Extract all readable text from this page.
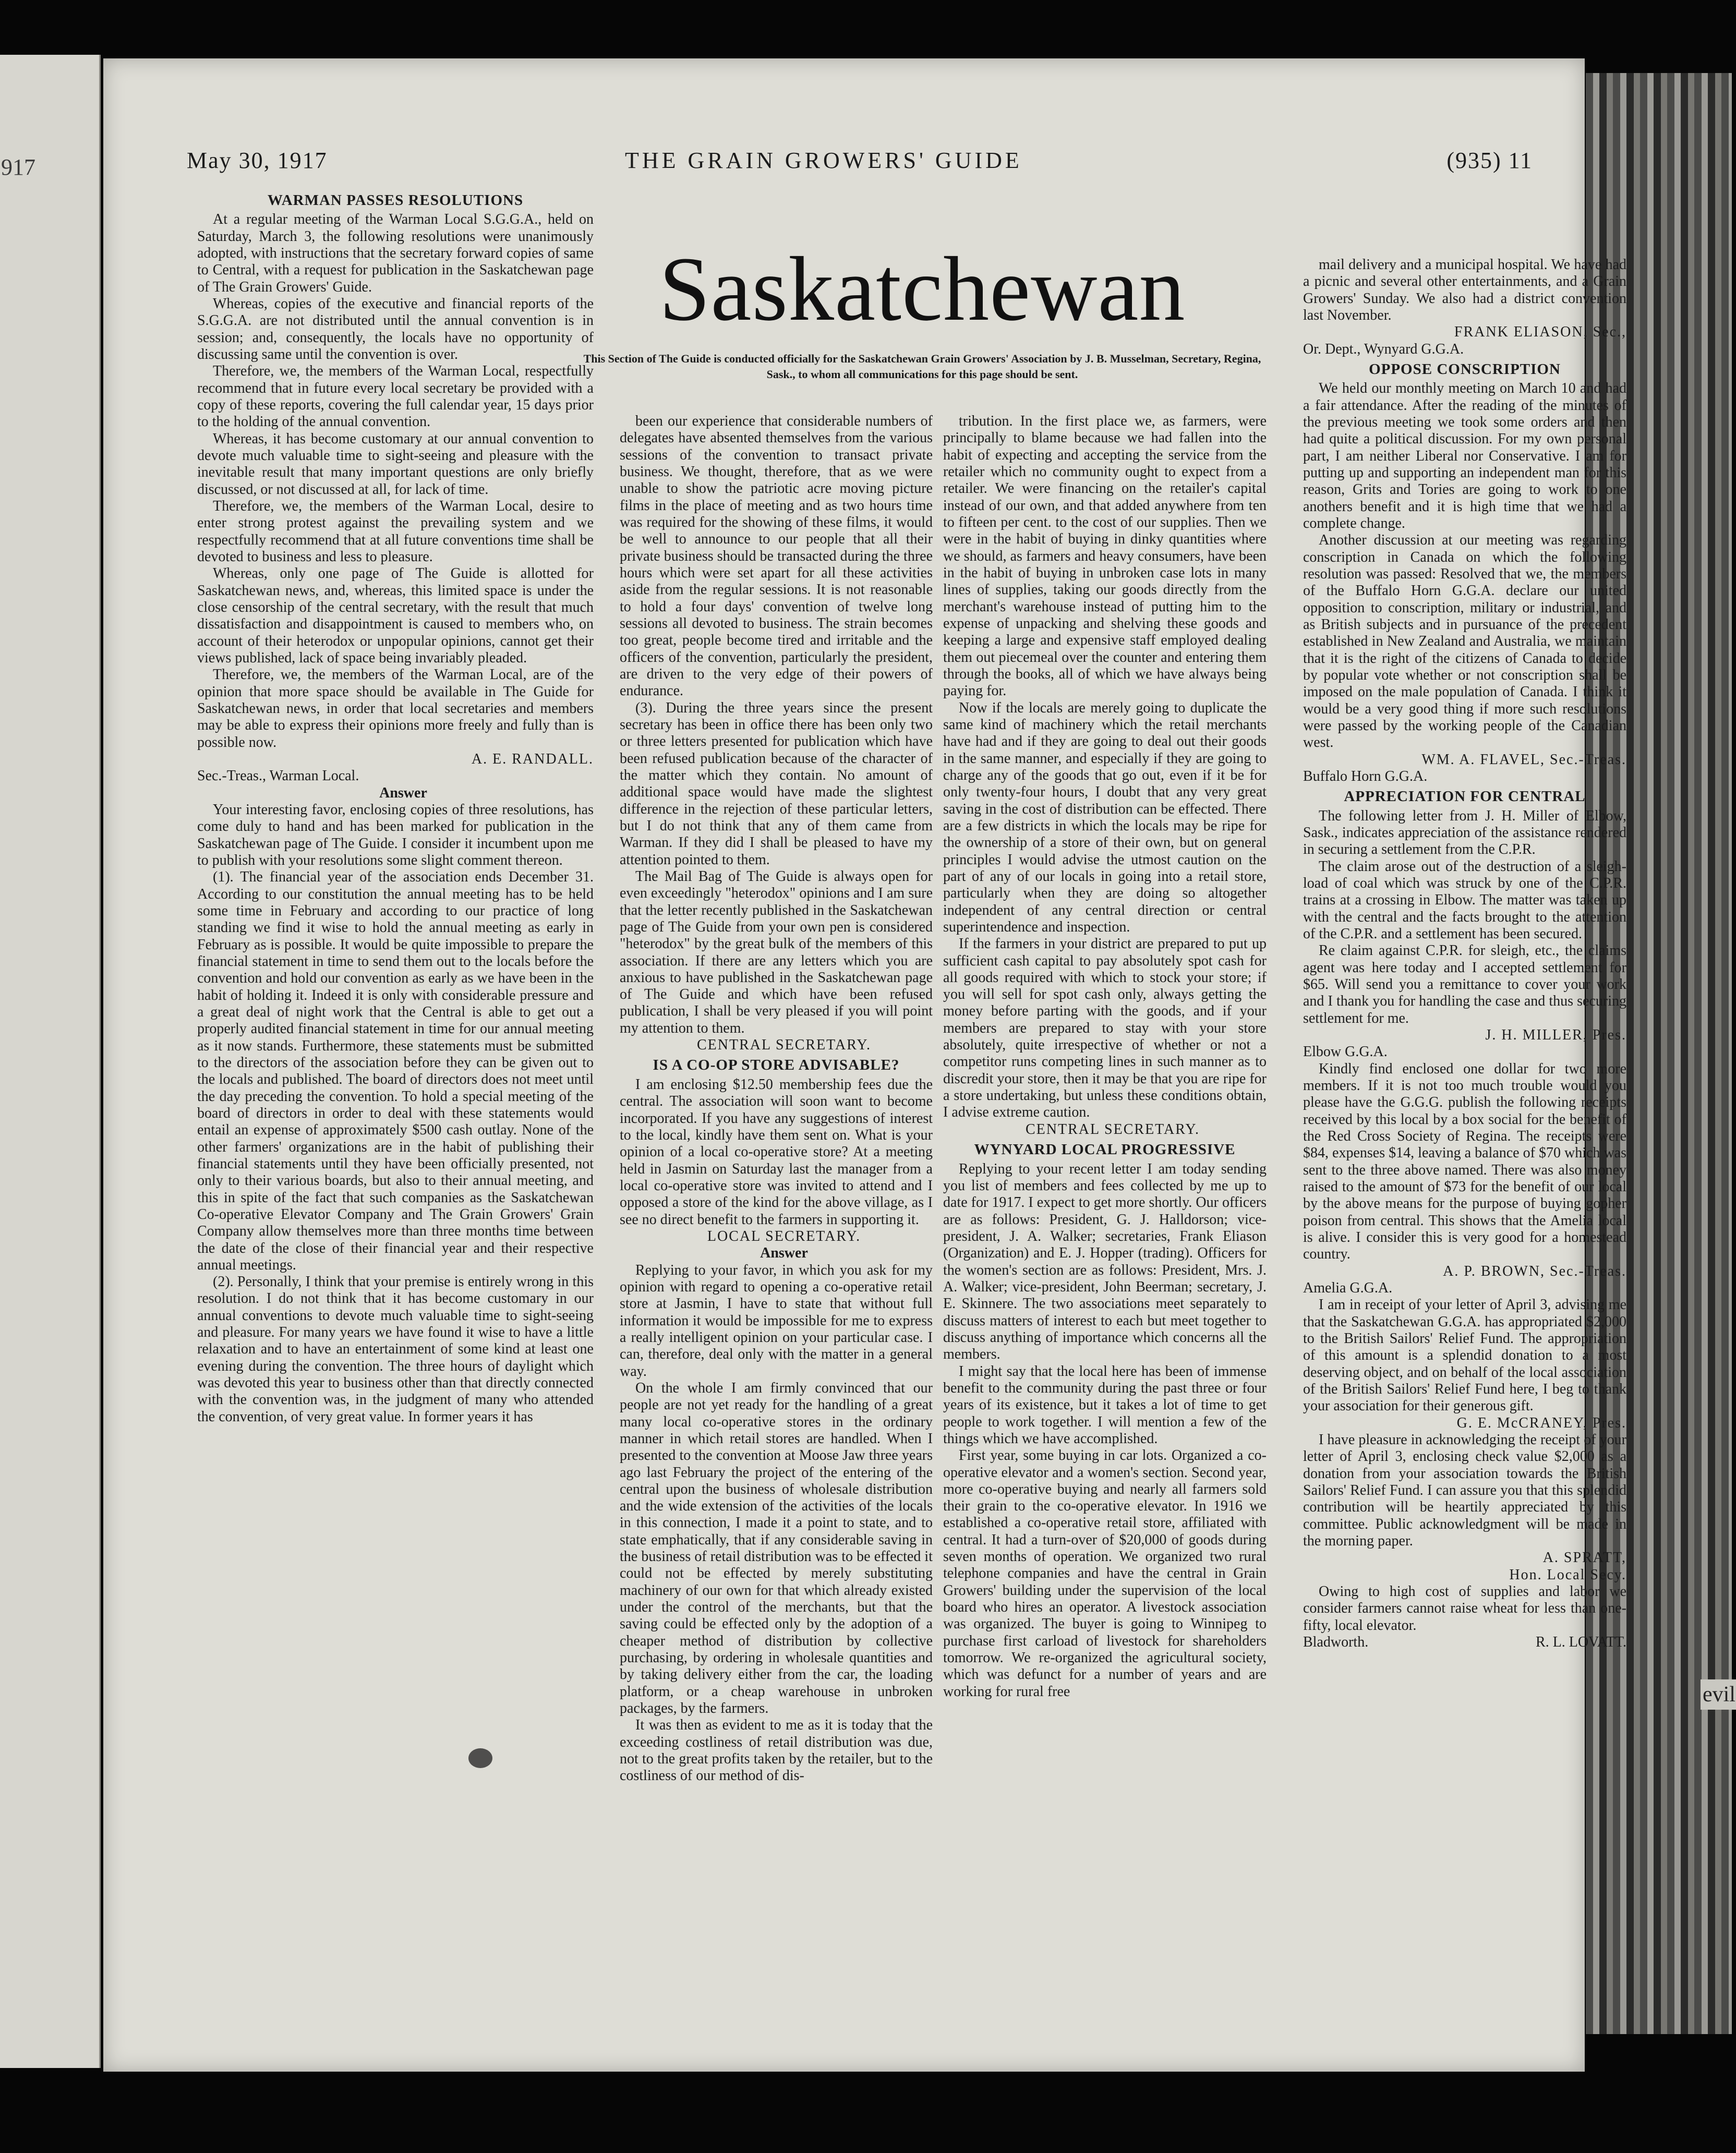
917
evil
May 30, 1917	THE GRAIN GROWERS' GUIDE	(935) 11
Saskatchewan
This Section of The Guide is conducted officially for the Saskatchewan Grain Growers' Association by J. B. Musselman, Secretary, Regina, Sask., to whom all communications for this page should be sent.
WARMAN PASSES RESOLUTIONS

At a regular meeting of the Warman Local S.G.G.A., held on Saturday, March 3, the following resolutions were unanimously adopted, with instructions that the secretary forward copies of same to Central, with a request for publication in the Saskatchewan page of The Grain Growers' Guide.

Whereas, copies of the executive and financial reports of the S.G.G.A. are not distributed until the annual convention is in session; and, consequently, the locals have no opportunity of discussing same until the convention is over.

Therefore, we, the members of the Warman Local, respectfully recommend that in future every local secretary be provided with a copy of these reports, covering the full calendar year, 15 days prior to the holding of the annual convention.

Whereas, it has become customary at our annual convention to devote much valuable time to sight-seeing and pleasure with the inevitable result that many important questions are only briefly discussed, or not discussed at all, for lack of time.

Therefore, we, the members of the Warman Local, desire to enter strong protest against the prevailing system and we respectfully recommend that at all future conventions time shall be devoted to business and less to pleasure.

Whereas, only one page of The Guide is allotted for Saskatchewan news, and, whereas, this limited space is under the close censorship of the central secretary, with the result that much dissatisfaction and disappointment is caused to members who, on account of their heterodox or unpopular opinions, cannot get their views published, lack of space being invariably pleaded.

Therefore, we, the members of the Warman Local, are of the opinion that more space should be available in The Guide for Saskatchewan news, in order that local secretaries and members may be able to express their opinions more freely and fully than is possible now.

A. E. RANDALL.

Sec.-Treas., Warman Local.

Answer

Your interesting favor, enclosing copies of three resolutions, has come duly to hand and has been marked for publication in the Saskatchewan page of The Guide. I consider it incumbent upon me to publish with your resolutions some slight comment thereon.

(1). The financial year of the association ends December 31. According to our constitution the annual meeting has to be held some time in February and according to our practice of long standing we find it wise to hold the annual meeting as early in February as is possible. It would be quite impossible to prepare the financial statement in time to send them out to the locals before the convention and hold our convention as early as we have been in the habit of holding it. Indeed it is only with considerable pressure and a great deal of night work that the Central is able to get out a properly audited financial statement in time for our annual meeting as it now stands. Furthermore, these statements must be submitted to the directors of the association before they can be given out to the locals and published. The board of directors does not meet until the day preceding the convention. To hold a special meeting of the board of directors in order to deal with these statements would entail an expense of approximately $500 cash outlay. None of the other farmers' organizations are in the habit of publishing their financial statements until they have been officially presented, not only to their various boards, but also to their annual meeting, and this in spite of the fact that such companies as the Saskatchewan Co-operative Elevator Company and The Grain Growers' Grain Company allow themselves more than three months time between the date of the close of their financial year and their respective annual meetings.

(2). Personally, I think that your premise is entirely wrong in this resolution. I do not think that it has become customary in our annual conventions to devote much valuable time to sight-seeing and pleasure. For many years we have found it wise to have a little relaxation and to have an entertainment of some kind at least one evening during the convention. The three hours of daylight which was devoted this year to business other than that directly connected with the convention was, in the judgment of many who attended the convention, of very great value. In former years it has

been our experience that considerable numbers of delegates have absented themselves from the various sessions of the convention to transact private business. We thought, therefore, that as we were unable to show the patriotic acre moving picture films in the place of meeting and as two hours time was required for the showing of these films, it would be well to announce to our people that all their private business should be transacted during the three hours which were set apart for all these activities aside from the regular sessions. It is not reasonable to hold a four days' convention of twelve long sessions all devoted to business. The strain becomes too great, people become tired and irritable and the officers of the convention, particularly the president, are driven to the very edge of their powers of endurance.

(3). During the three years since the present secretary has been in office there has been only two or three letters presented for publication which have been refused publication because of the character of the matter which they contain. No amount of additional space would have made the slightest difference in the rejection of these particular letters, but I do not think that any of them came from Warman. If they did I shall be pleased to have my attention pointed to them.

The Mail Bag of The Guide is always open for even exceedingly "heterodox" opinions and I am sure that the letter recently published in the Saskatchewan page of The Guide from your own pen is considered "heterodox" by the great bulk of the members of this association. If there are any letters which you are anxious to have published in the Saskatchewan page of The Guide and which have been refused publication, I shall be very pleased if you will point my attention to them.

CENTRAL SECRETARY.

IS A CO-OP STORE ADVISABLE?

I am enclosing $12.50 membership fees due the central. The association will soon want to become incorporated. If you have any suggestions of interest to the local, kindly have them sent on. What is your opinion of a local co-operative store? At a meeting held in Jasmin on Saturday last the manager from a local co-operative store was invited to attend and I opposed a store of the kind for the above village, as I see no direct benefit to the farmers in supporting it.

LOCAL SECRETARY.

Answer

Replying to your favor, in which you ask for my opinion with regard to opening a co-operative retail store at Jasmin, I have to state that without full information it would be impossible for me to express a really intelligent opinion on your particular case. I can, therefore, deal only with the matter in a general way.

On the whole I am firmly convinced that our people are not yet ready for the handling of a great many local co-operative stores in the ordinary manner in which retail stores are handled. When I presented to the convention at Moose Jaw three years ago last February the project of the entering of the central upon the business of wholesale distribution and the wide extension of the activities of the locals in this connection, I made it a point to state, and to state emphatically, that if any considerable saving in the business of retail distribution was to be effected it could not be effected by merely substituting machinery of our own for that which already existed under the control of the merchants, but that the saving could be effected only by the adoption of a cheaper method of distribution by collective purchasing, by ordering in wholesale quantities and by taking delivery either from the car, the loading platform, or a cheap warehouse in unbroken packages, by the farmers.

It was then as evident to me as it is today that the exceeding costliness of retail distribution was due, not to the great profits taken by the retailer, but to the costliness of our method of dis-

tribution. In the first place we, as farmers, were principally to blame because we had fallen into the habit of expecting and accepting the service from the retailer which no community ought to expect from a retailer. We were financing on the retailer's capital instead of our own, and that added anywhere from ten to fifteen per cent. to the cost of our supplies. Then we were in the habit of buying in dinky quantities where we should, as farmers and heavy consumers, have been in the habit of buying in unbroken case lots in many lines of supplies, taking our goods directly from the merchant's warehouse instead of putting him to the expense of unpacking and shelving these goods and keeping a large and expensive staff employed dealing them out piecemeal over the counter and entering them through the books, all of which we have always being paying for.

Now if the locals are merely going to duplicate the same kind of machinery which the retail merchants have had and if they are going to deal out their goods in the same manner, and especially if they are going to charge any of the goods that go out, even if it be for only twenty-four hours, I doubt that any very great saving in the cost of distribution can be effected. There are a few districts in which the locals may be ripe for the ownership of a store of their own, but on general principles I would advise the utmost caution on the part of any of our locals in going into a retail store, particularly when they are doing so altogether independent of any central direction or central superintendence and inspection.

If the farmers in your district are prepared to put up sufficient cash capital to pay absolutely spot cash for all goods required with which to stock your store; if you will sell for spot cash only, always getting the money before parting with the goods, and if your members are prepared to stay with your store absolutely, quite irrespective of whether or not a competitor runs competing lines in such manner as to discredit your store, then it may be that you are ripe for a store undertaking, but unless these conditions obtain, I advise extreme caution.

CENTRAL SECRETARY.

WYNYARD LOCAL PROGRESSIVE

Replying to your recent letter I am today sending you list of members and fees collected by me up to date for 1917. I expect to get more shortly. Our officers are as follows: President, G. J. Halldorson; vice-president, J. A. Walker; secretaries, Frank Eliason (Organization) and E. J. Hopper (trading). Officers for the women's section are as follows: President, Mrs. J. A. Walker; vice-president, John Beerman; secretary, J. E. Skinnere. The two associations meet separately to discuss matters of interest to each but meet together to discuss anything of importance which concerns all the members.

I might say that the local here has been of immense benefit to the community during the past three or four years of its existence, but it takes a lot of time to get people to work together. I will mention a few of the things which we have accomplished.

First year, some buying in car lots. Organized a co-operative elevator and a women's section. Second year, more co-operative buying and nearly all farmers sold their grain to the co-operative elevator. In 1916 we established a co-operative retail store, affiliated with central. It had a turn-over of $20,000 of goods during seven months of operation. We organized two rural telephone companies and have the central in Grain Growers' building under the supervision of the local board who hires an operator. A livestock association was organized. The buyer is going to Winnipeg to purchase first carload of livestock for shareholders tomorrow. We re-organized the agricultural society, which was defunct for a number of years and are working for rural free

mail delivery and a municipal hospital. We have had a picnic and several other entertainments, and a Grain Growers' Sunday. We also had a district convention last November.

FRANK ELIASON, Sec.,

Or. Dept., Wynyard G.G.A.

OPPOSE CONSCRIPTION

We held our monthly meeting on March 10 and had a fair attendance. After the reading of the minutes of the previous meeting we took some orders and then had quite a political discussion. For my own personal part, I am neither Liberal nor Conservative. I am for putting up and supporting an independent man for this reason, Grits and Tories are going to work to one anothers benefit and it is high time that we had a complete change.

Another discussion at our meeting was regarding conscription in Canada on which the following resolution was passed: Resolved that we, the members of the Buffalo Horn G.G.A. declare our united opposition to conscription, military or industrial, and as British subjects and in pursuance of the precedent established in New Zealand and Australia, we maintain that it is the right of the citizens of Canada to decide by popular vote whether or not conscription shall be imposed on the male population of Canada. I think it would be a very good thing if more such resolutions were passed by the working people of the Canadian west.

WM. A. FLAVEL, Sec.-Treas.

Buffalo Horn G.G.A.

APPRECIATION FOR CENTRAL

The following letter from J. H. Miller of Elbow, Sask., indicates appreciation of the assistance rendered in securing a settlement from the C.P.R.

The claim arose out of the destruction of a sleigh-load of coal which was struck by one of the C.P.R. trains at a crossing in Elbow. The matter was taken up with the central and the facts brought to the attention of the C.P.R. and a settlement has been secured.

Re claim against C.P.R. for sleigh, etc., the claims agent was here today and I accepted settlement for $65. Will send you a remittance to cover your work and I thank you for handling the case and thus securing settlement for me.

J. H. MILLER, Pres.

Elbow G.G.A.

Kindly find enclosed one dollar for two more members. If it is not too much trouble would you please have the G.G.G. publish the following receipts received by this local by a box social for the benefit of the Red Cross Society of Regina. The receipts were $84, expenses $14, leaving a balance of $70 which was sent to the three above named. There was also money raised to the amount of $73 for the benefit of our local by the above means for the purpose of buying gopher poison from central. This shows that the Amelia local is alive. I consider this is very good for a homestead country.

A. P. BROWN, Sec.-Treas.

Amelia G.G.A.

I am in receipt of your letter of April 3, advising me that the Saskatchewan G.G.A. has appropriated $2,000 to the British Sailors' Relief Fund. The appropriation of this amount is a splendid donation to a most deserving object, and on behalf of the local association of the British Sailors' Relief Fund here, I beg to thank your association for their generous gift.

G. E. McCRANEY, Pres.

I have pleasure in acknowledging the receipt of your letter of April 3, enclosing check value $2,000 as a donation from your association towards the British Sailors' Relief Fund. I can assure you that this splendid contribution will be heartily appreciated by this committee. Public acknowledgment will be made in the morning paper.

A. SPRATT,

Hon. Local Secy.

Owing to high cost of supplies and labor we consider farmers cannot raise wheat for less than one-fifty, local elevator.

Bladworth.	R. L. LOVATT.
